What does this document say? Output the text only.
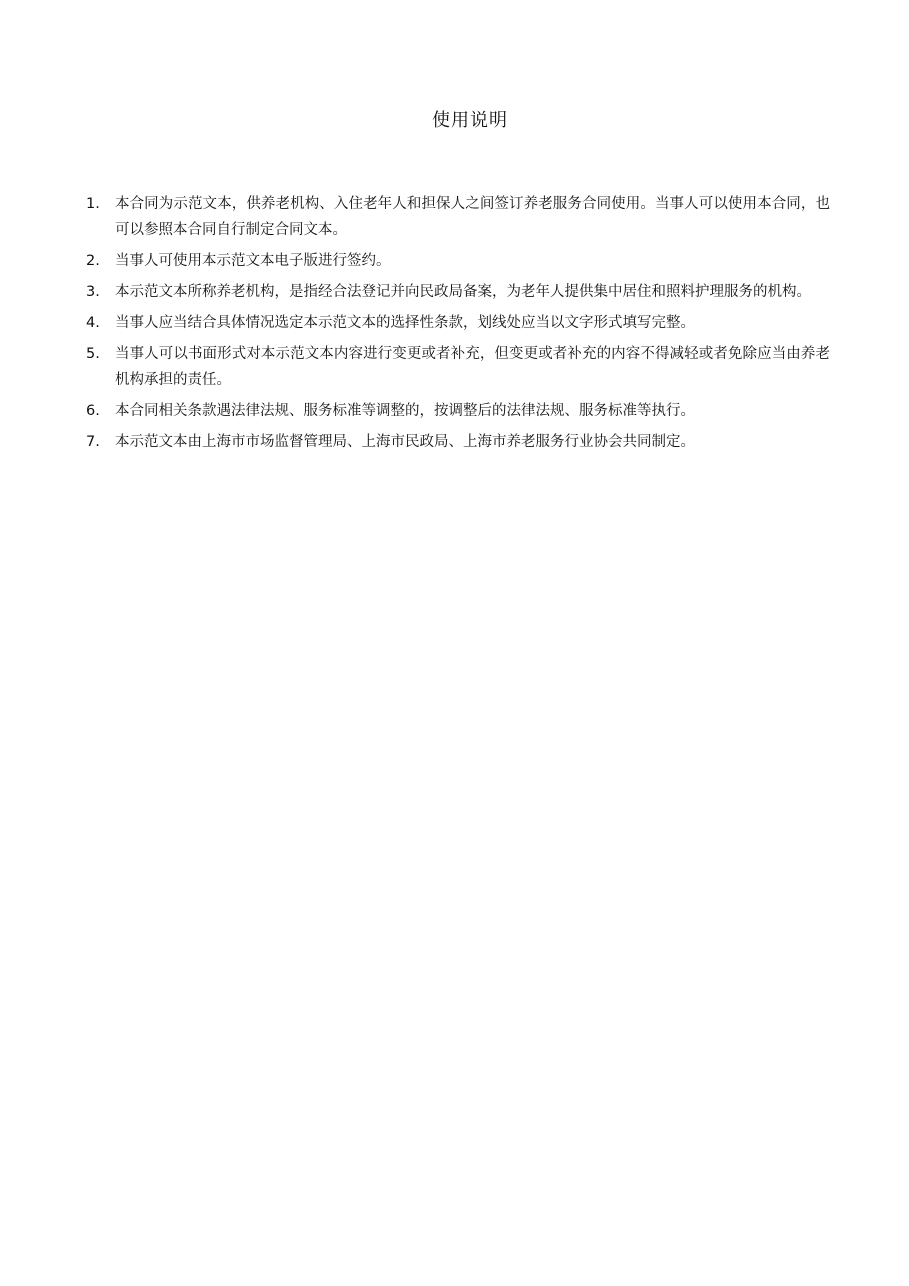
使用说明
1. 本合同为示范文本，供养老机构、入住老年人和担保人之间签订养老服务合同使用。当事人可以使用本合同，也可以参照本合同自行制定合同文本。
2. 当事人可使用本示范文本电子版进行签约。
3. 本示范文本所称养老机构，是指经合法登记并向民政局备案，为老年人提供集中居住和照料护理服务的机构。
4. 当事人应当结合具体情况选定本示范文本的选择性条款，划线处应当以文字形式填写完整。
5. 当事人可以书面形式对本示范文本内容进行变更或者补充，但变更或者补充的内容不得减轻或者免除应当由养老机构承担的责任。
6. 本合同相关条款遇法律法规、服务标准等调整的，按调整后的法律法规、服务标准等执行。
7. 本示范文本由上海市市场监督管理局、上海市民政局、上海市养老服务行业协会共同制定。
